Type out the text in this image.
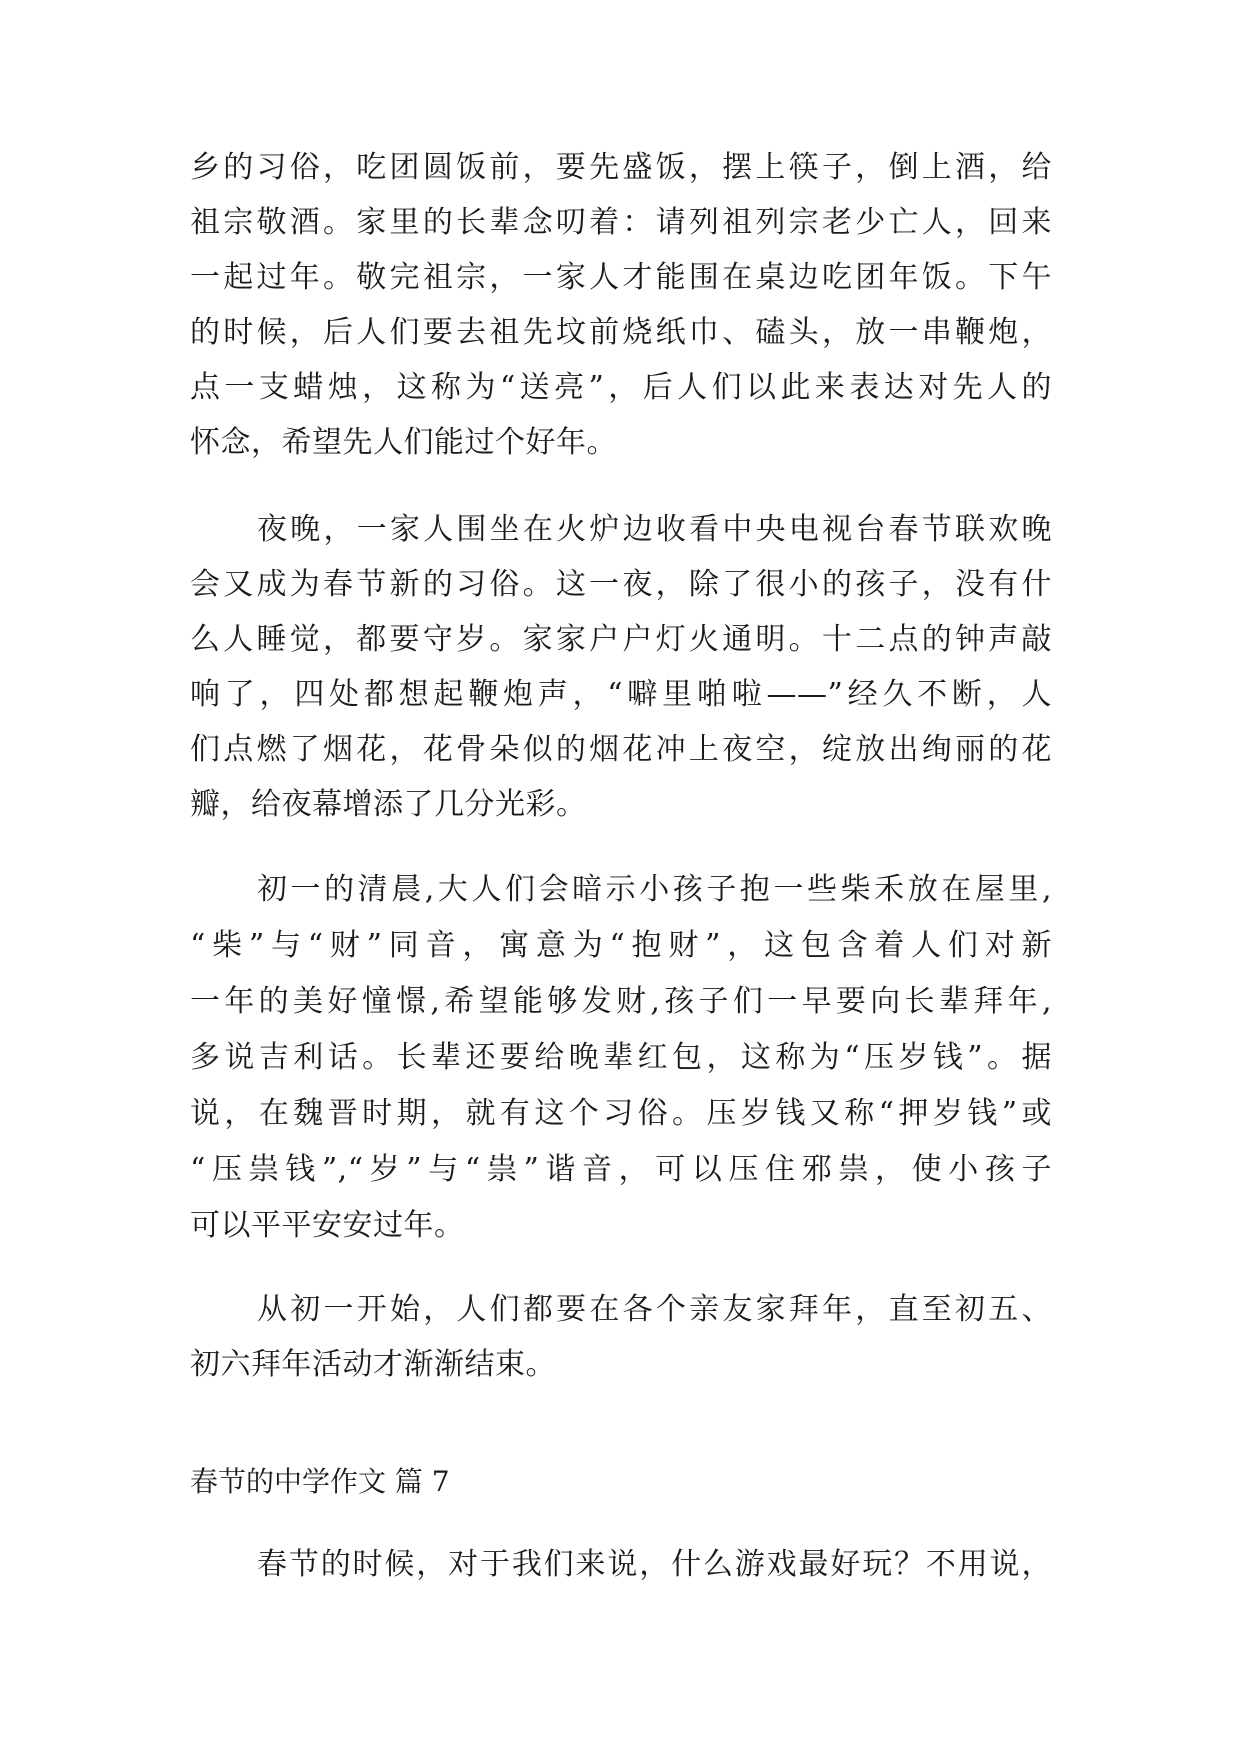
乡的习俗，吃团圆饭前，要先盛饭，摆上筷子，倒上酒，给
祖宗敬酒。家里的长辈念叨着：请列祖列宗老少亡人，回来
一起过年。敬完祖宗，一家人才能围在桌边吃团年饭。下午
的时候，后人们要去祖先坟前烧纸巾、磕头，放一串鞭炮，
点一支蜡烛，这称为“送亮”，后人们以此来表达对先人的
怀念，希望先人们能过个好年。
夜晚，一家人围坐在火炉边收看中央电视台春节联欢晚
会又成为春节新的习俗。这一夜，除了很小的孩子，没有什
么人睡觉，都要守岁。家家户户灯火通明。十二点的钟声敲
响了，四处都想起鞭炮声，“噼里啪啦——”经久不断，人
们点燃了烟花，花骨朵似的烟花冲上夜空，绽放出绚丽的花
瓣，给夜幕增添了几分光彩。
初一的清晨,大人们会暗示小孩子抱一些柴禾放在屋里,
“柴”与“财”同音，寓意为“抱财”，这包含着人们对新
一年的美好憧憬,希望能够发财,孩子们一早要向长辈拜年,
多说吉利话。长辈还要给晚辈红包，这称为“压岁钱”。据
说，在魏晋时期，就有这个习俗。压岁钱又称“押岁钱”或
“压祟钱”,“岁”与“祟”谐音，可以压住邪祟，使小孩子
可以平平安安过年。
从初一开始，人们都要在各个亲友家拜年，直至初五、
初六拜年活动才渐渐结束。
春节的中学作文 篇 7
春节的时候，对于我们来说，什么游戏最好玩？不用说，
